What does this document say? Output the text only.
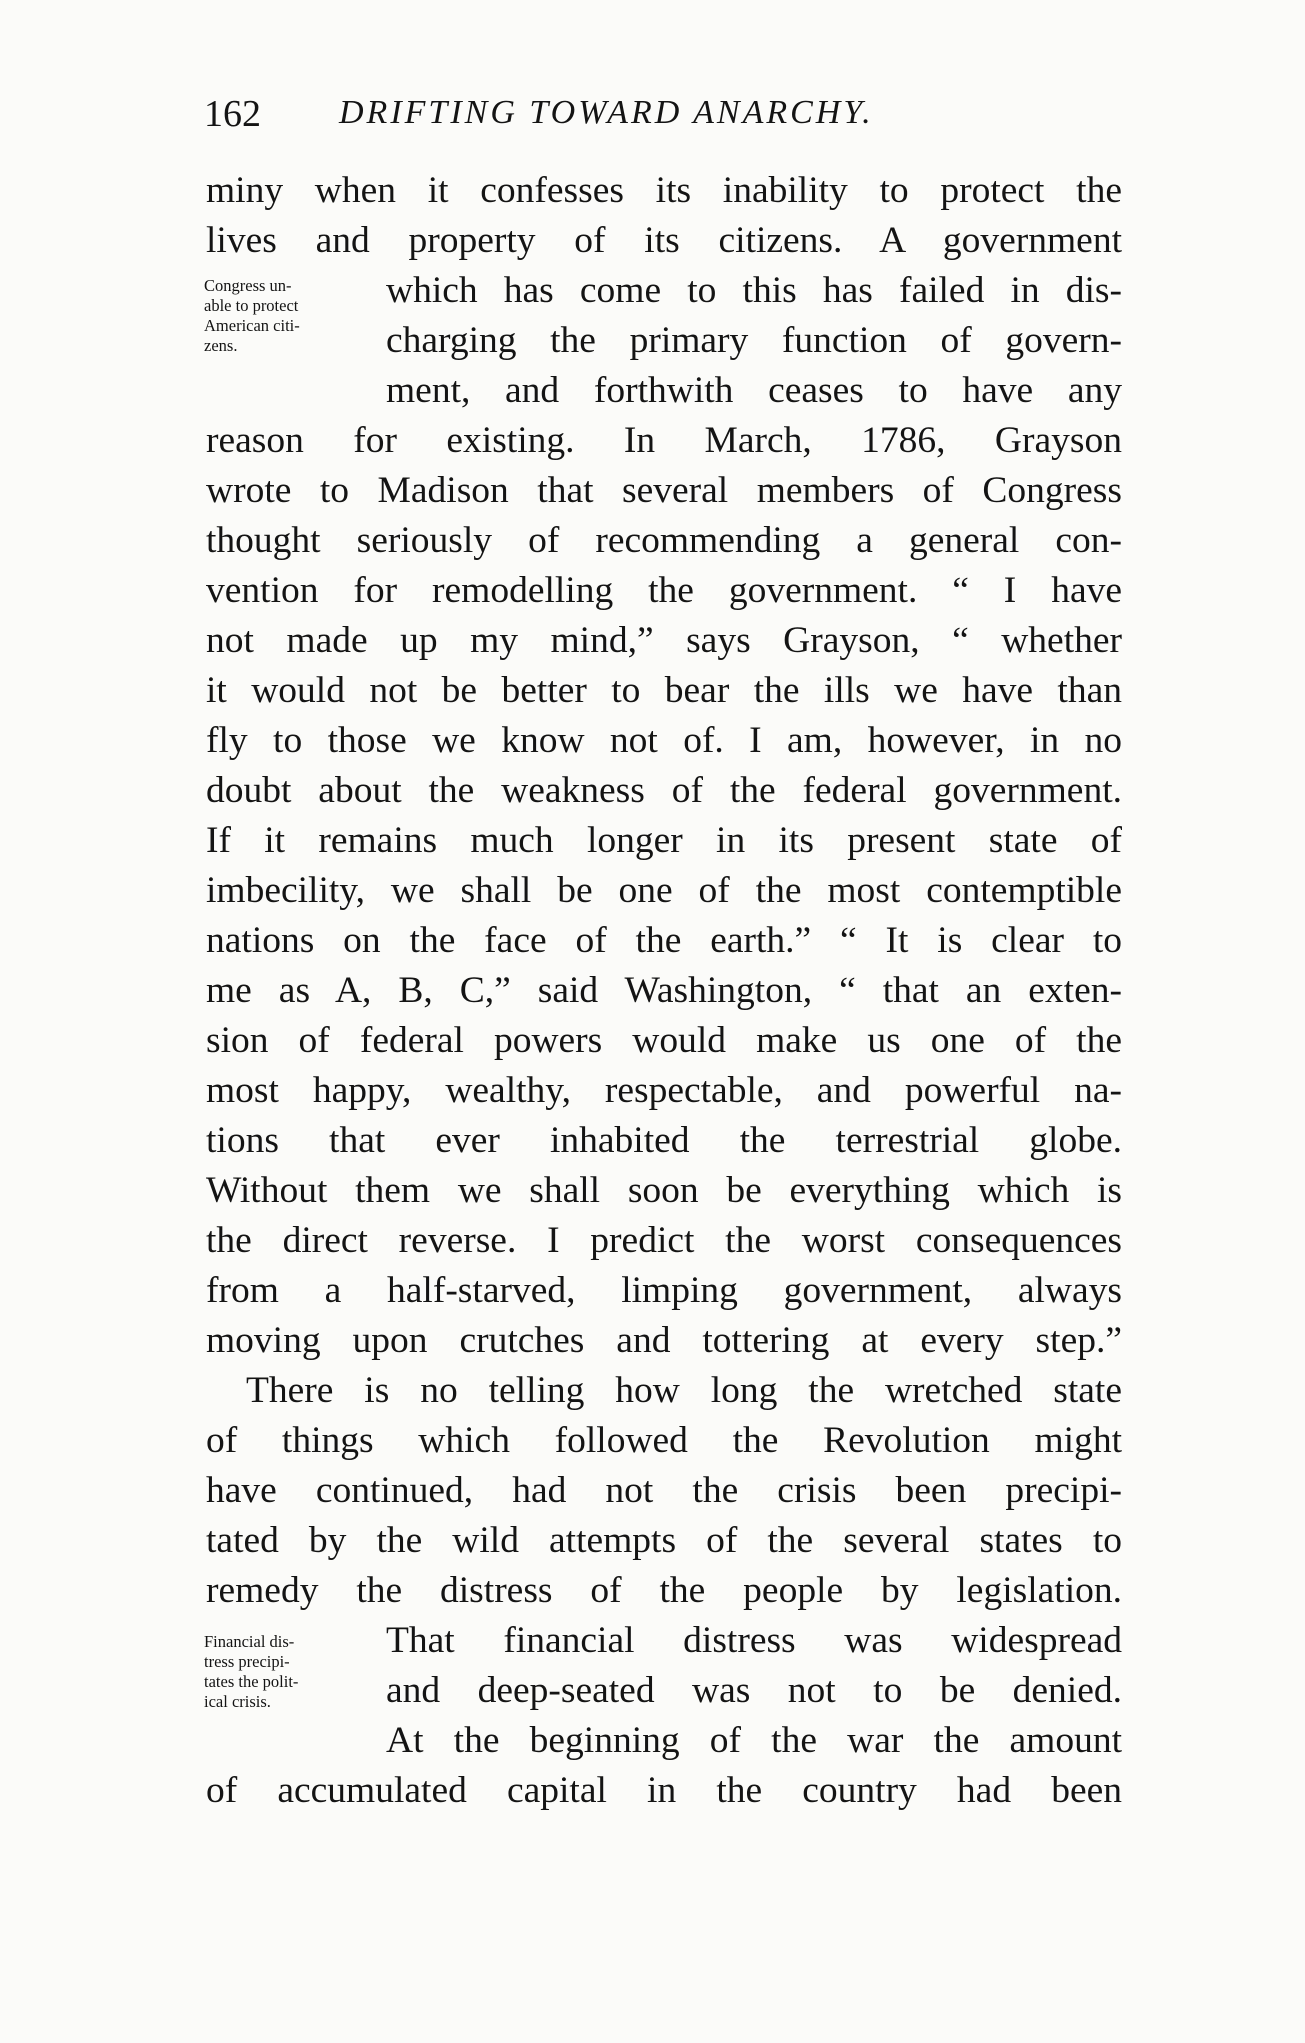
162 DRIFTING TOWARD ANARCHY.
Congress un-
able to protect
American citi-
zens.
Financial dis-
tress precipi-
tates the polit-
ical crisis.
miny when it confesses its inability to protect the
lives and property of its citizens. A government
which has come to this has failed in dis-
charging the primary function of govern-
ment, and forthwith ceases to have any
reason for existing. In March, 1786, Grayson
wrote to Madison that several members of Congress
thought seriously of recommending a general con-
vention for remodelling the government. “ I have
not made up my mind,” says Grayson, “ whether
it would not be better to bear the ills we have than
fly to those we know not of. I am, however, in no
doubt about the weakness of the federal government.
If it remains much longer in its present state of
imbecility, we shall be one of the most contemptible
nations on the face of the earth.” “ It is clear to
me as A, B, C,” said Washington, “ that an exten-
sion of federal powers would make us one of the
most happy, wealthy, respectable, and powerful na-
tions that ever inhabited the terrestrial globe.
Without them we shall soon be everything which is
the direct reverse. I predict the worst consequences
from a half-starved, limping government, always
moving upon crutches and tottering at every step.”
There is no telling how long the wretched state
of things which followed the Revolution might
have continued, had not the crisis been precipi-
tated by the wild attempts of the several states to
remedy the distress of the people by legislation.
That financial distress was widespread
and deep-seated was not to be denied.
At the beginning of the war the amount
of accumulated capital in the country had been
